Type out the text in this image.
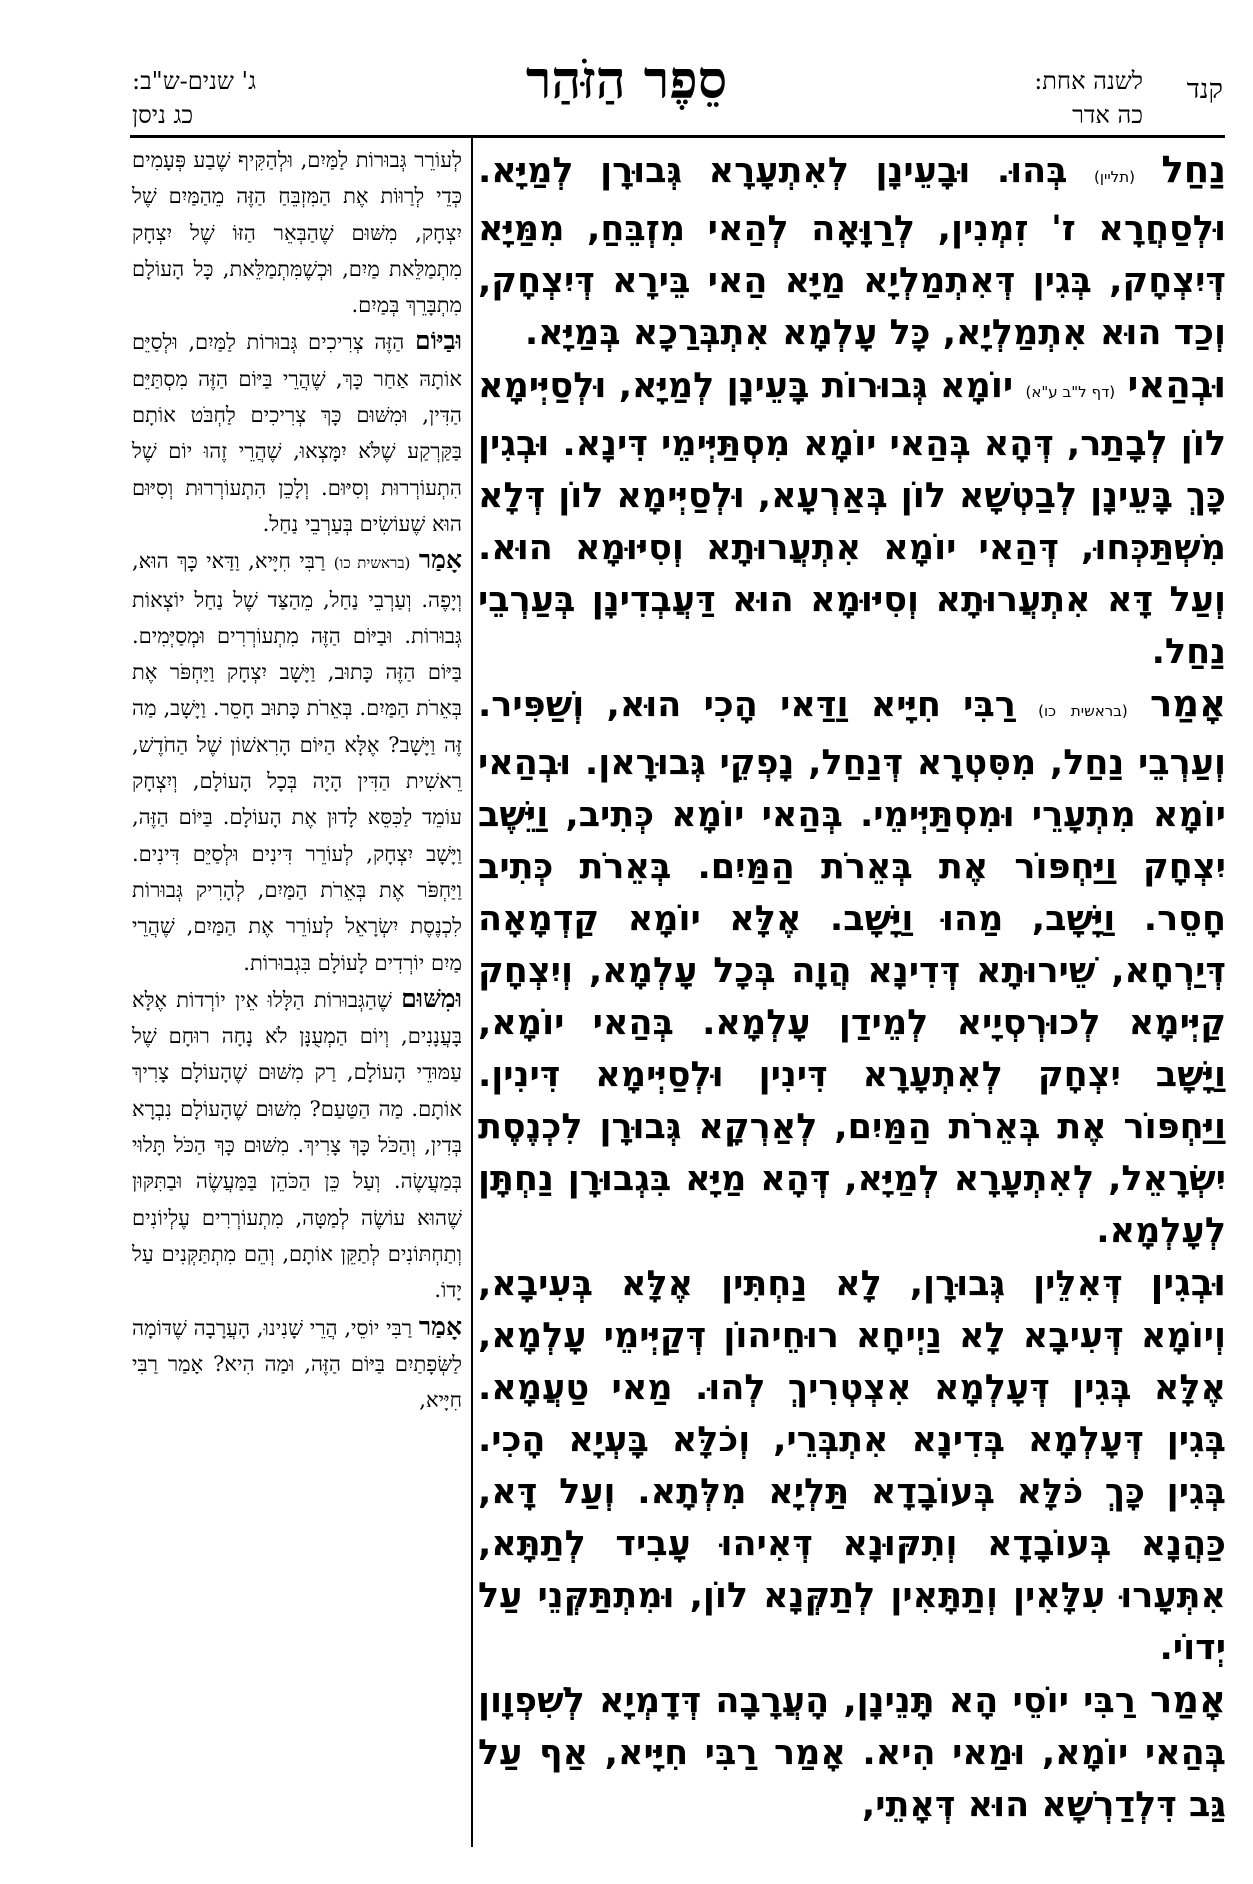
קנד
לשנה אחת:
כה אדר
סֵפֶר הַזֹּהַר
ג' שנים-ש"ב:
כג ניסן

נַחַל (תליין) בְּהוּ. וּבָעֵינָן לְאִתְעָרָא גְּבוּרָן לְמַיָּא. וּלְסַחֲרָא ז' זִמְנִין, לְרַוָּאָה לְהַאי מִזְבֵּחַ, מִמַּיָּא דְּיִצְחָק, בְּגִין דְּאִתְמַלְיָא מַיָּא הַאי בֵּירָא דְּיִצְחָק, וְכַד הוּא אִתְמַלְיָא, כָּל עָלְמָא אִתְבְּרַכָא בְּמַיָּא.

וּבְהַאי (דף ל"ב ע"א) יוֹמָא גְּבוּרוֹת בָּעֵינָן לְמַיָּא, וּלְסַיְּימָא לוֹן לְבָתַר, דְּהָא בְּהַאי יוֹמָא מִסְתַּיְּימֵי דִּינָא. וּבְגִין כָּךְ בָּעֵינָן לְבַטְשָׁא לוֹן בְּאַרְעָא, וּלְסַיְּימָא לוֹן דְּלָא מִשְׁתַּכְּחוּ, דְּהַאי יוֹמָא אִתְעֲרוּתָא וְסִיּוּמָא הוּא. וְעַל דָּא אִתְעֲרוּתָא וְסִיּוּמָא הוּא דַּעֲבְדִינָן בְּעַרְבֵי נַחַל.

אָמַר (בראשית כו) רַבִּי חִיָּיא וַדַּאי הָכִי הוּא, וְשַׁפִּיר. וְעַרְבֵי נַחַל, מִסִּטְרָא דְּנַחַל, נָפְקֵי גְּבוּרָאן. וּבְהַאי יוֹמָא מִתְעָרֵי וּמִסְתַּיְּימֵי. בְּהַאי יוֹמָא כְּתִיב, וַיֵּשֶׁב יִצְחָק וַיַּחְפּוֹר אֶת בְּאֵרֹת הַמַּיִם. בְּאֵרֹת כְּתִיב חָסֵר. וַיָּשָׁב, מַהוּ וַיָּשָׁב. אֶלָּא יוֹמָא קַדְמָאָה דְּיַרְחָא, שֵׁירוּתָא דְּדִינָא הֲוָה בְּכָל עָלְמָא, וְיִצְחָק קַיְּימָא לְכוּרְסְיָיא לְמֵידַן עָלְמָא. בְּהַאי יוֹמָא, וַיָּשָׁב יִצְחָק לְאִתְעָרָא דִּינִין וּלְסַיְּימָא דִּינִין. וַיַּחְפּוֹר אֶת בְּאֵרֹת הַמַּיִם, לְאַרְקָא גְּבוּרָן לִכְנֶסֶת יִשְׂרָאֵל, לְאִתְעָרָא לְמַיָּא, דְּהָא מַיָּא בִּגְבוּרָן נַחְתָּן לְעָלְמָא.

וּבְגִין דְּאִלֵּין גְּבוּרָן, לָא נַחְתִּין אֶלָּא בְּעִיבָא, וְיוֹמָא דְּעִיבָא לָא נַיְיחָא רוּחֵיהוֹן דְּקַיְּימֵי עָלְמָא, אֶלָּא בְּגִין דְּעָלְמָא אִצְטְרִיךְ לְהוּ. מַאי טַעֲמָא. בְּגִין דְּעָלְמָא בְּדִינָא אִתְבְּרֵי, וְכֹלָּא בָּעְיָא הָכִי. בְּגִין כָּךְ כֹּלָּא בְּעוֹבָדָא תַּלְיָא מִלְּתָא. וְעַל דָּא, כַּהֲנָא בְּעוֹבָדָא וְתִקּוּנָא דְּאִיהוּ עָבִיד לְתַתָּא, אִתְּעָרוּ עִלָּאִין וְתַתָּאִין לְתַקְּנָא לוֹן, וּמִתְתַּקְּנֵי עַל יְדוֹי.

אָמַר רַבִּי יוֹסֵי הָא תָּנֵינָן, הָעֲרָבָה דְּדָמְיָא לְשִׁפְוָון בְּהַאי יוֹמָא, וּמַאי הִיא. אָמַר רַבִּי חִיָּיא, אַף עַל גַּב דִּלְדַרְשָׁא הוּא דְּאָתֵי,

לְעוֹרֵר גְּבוּרוֹת לַמַּיִם, וּלְהַקִּיף שֶׁבַע פְּעָמִים כְּדֵי לְרַוּוֹת אֶת הַמִּזְבֵּחַ הַזֶּה מֵהַמַּיִם שֶׁל יִצְחָק, מִשּׁוּם שֶׁהַבְּאֵר הַזּוֹ שֶׁל יִצְחָק מִתְמַלֵּאת מַיִם, וּכְשֶׁמִּתְמַלֵּאת, כָּל הָעוֹלָם מִתְבָּרֵךְ בְּמַיִם.

וּבַיּוֹם הַזֶּה צְרִיכִים גְּבוּרוֹת לַמַּיִם, וּלְסַיֵּם אוֹתָהּ אַחַר כָּךְ, שֶׁהֲרֵי בַּיּוֹם הַזֶּה מִסְתַּיֵּם הַדִּין, וּמִשּׁוּם כָּךְ צְרִיכִים לַחְבֹּט אוֹתָם בַּקַּרְקַע שֶׁלֹּא יִמָּצְאוּ, שֶׁהֲרֵי זֶהוּ יוֹם שֶׁל הִתְעוֹרְרוּת וְסִיּוּם. וְלָכֵן הִתְעוֹרְרוּת וְסִיּוּם הוּא שֶׁעוֹשִׂים בְּעַרְבֵי נַחַל.

אָמַר (בראשית כו) רַבִּי חִיָּיא, וַדַּאי כָּךְ הוּא, וְיָפֶה. וְעַרְבֵי נַחַל, מֵהַצַּד שֶׁל נַחַל יוֹצְאוֹת גְּבוּרוֹת. וּבַיּוֹם הַזֶּה מִתְעוֹרְרִים וּמְסַיְּמִים. בַּיּוֹם הַזֶּה כָּתוּב, וַיָּשָׁב יִצְחָק וַיַּחְפֹּר אֶת בְּאֵרֹת הַמַּיִם. בְּאֵרֹת כָּתוּב חָסֵר. וַיָּשָׁב, מַה זֶּה וַיָּשָׁב? אֶלָּא הַיּוֹם הָרִאשׁוֹן שֶׁל הַחֹדֶשׁ, רֵאשִׁית הַדִּין הָיָה בְּכָל הָעוֹלָם, וְיִצְחָק עוֹמֵד לַכִּסֵּא לָדוּן אֶת הָעוֹלָם. בַּיּוֹם הַזֶּה, וַיָּשָׁב יִצְחָק, לְעוֹרֵר דִּינִים וּלְסַיֵּם דִּינִים. וַיַּחְפֹּר אֶת בְּאֵרֹת הַמַּיִם, לְהָרִיק גְּבוּרוֹת לִכְנֶסֶת יִשְׂרָאֵל לְעוֹרֵר אֶת הַמַּיִם, שֶׁהֲרֵי מַיִם יוֹרְדִים לָעוֹלָם בִּגְבוּרוֹת.

וּמִשּׁוּם שֶׁהַגְּבוּרוֹת הַלָּלוּ אֵין יוֹרְדוֹת אֶלָּא בָּעֲנָנִים, וְיוֹם הַמְעֻנָּן לֹא נָחָה רוּחָם שֶׁל עַמּוּדֵי הָעוֹלָם, רַק מִשּׁוּם שֶׁהָעוֹלָם צָרִיךְ אוֹתָם. מַה הַטַּעַם? מִשּׁוּם שֶׁהָעוֹלָם נִבְרָא בְּדִין, וְהַכֹּל כָּךְ צָרִיךְ. מִשּׁוּם כָּךְ הַכֹּל תָּלוּי בְּמַעֲשֶׂה. וְעַל כֵּן הַכֹּהֵן בַּמַּעֲשֶׂה וּבַתִּקּוּן שֶׁהוּא עוֹשֶׂה לְמַטָּה, מִתְעוֹרְרִים עֶלְיוֹנִים וְתַחְתּוֹנִים לְתַקֵּן אוֹתָם, וְהֵם מִתְתַּקְּנִים עַל יָדוֹ.

אָמַר רַבִּי יוֹסֵי, הֲרֵי שָׁנִינוּ, הָעֲרָבָה שֶׁדּוֹמָה לַשְּׂפָתַיִם בַּיּוֹם הַזֶּה, וּמַה הִיא? אָמַר רַבִּי חִיָּיא,
